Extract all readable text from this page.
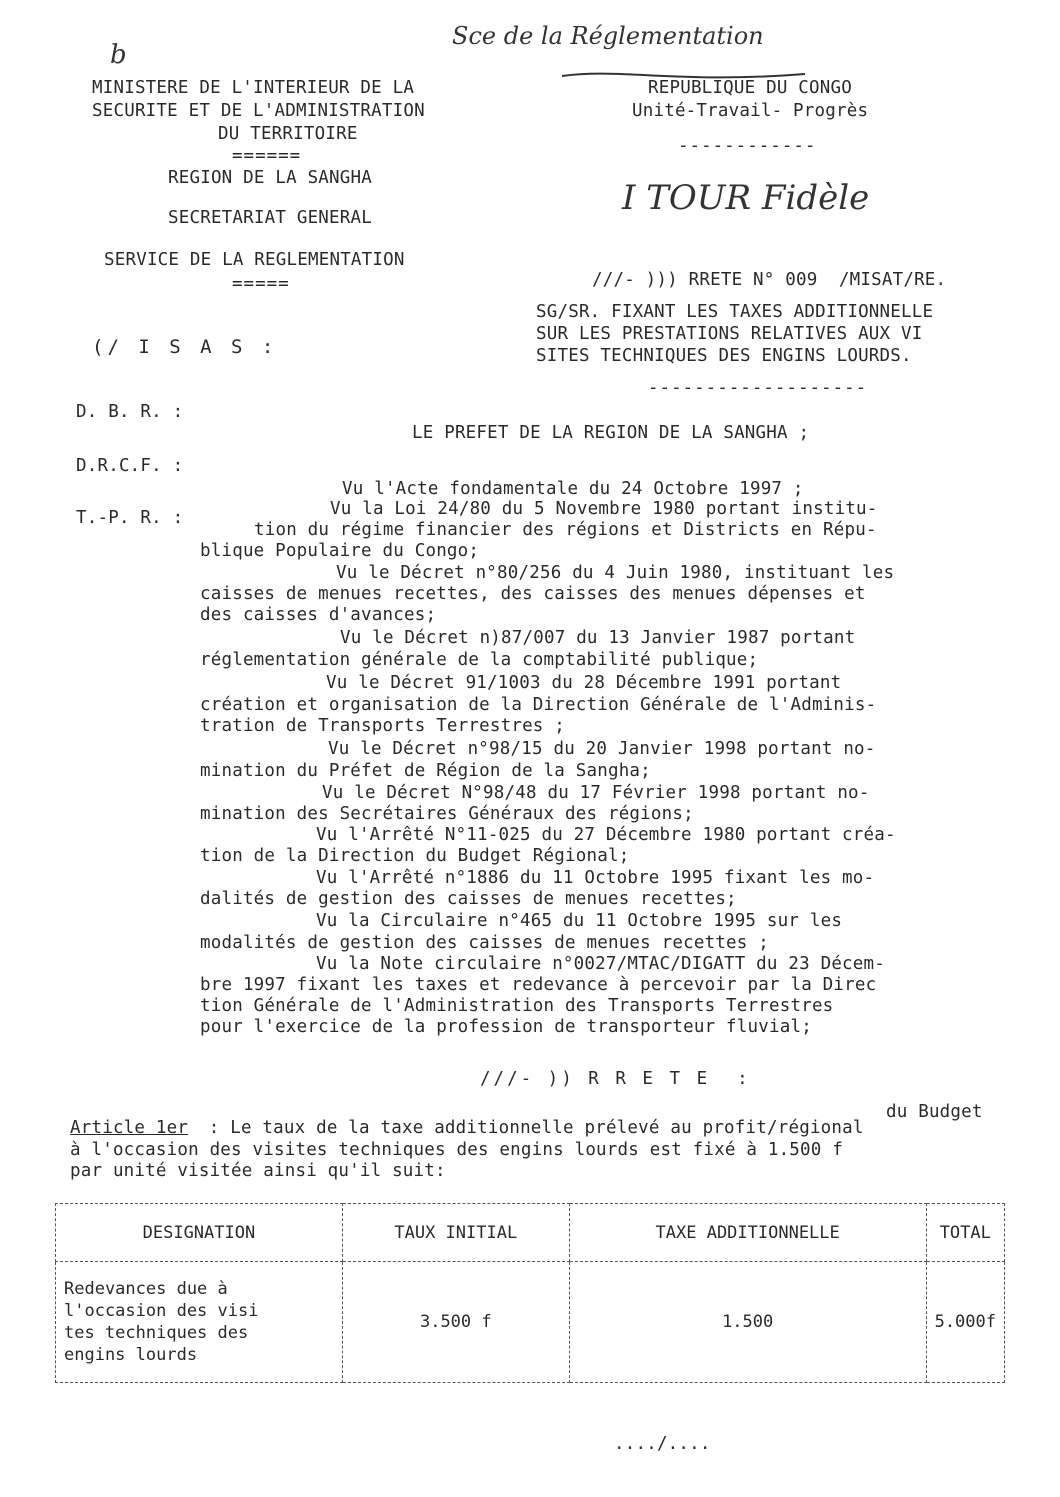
Sce de la Réglementation
b
MINISTERE DE L'INTERIEUR DE LA
SECURITE ET DE L'ADMINISTRATION
DU TERRITOIRE
======
REGION DE LA SANGHA
SECRETARIAT GENERAL
SERVICE DE LA REGLEMENTATION
=====
(/ I S A S :
REPUBLIQUE DU CONGO
Unité-Travail- Progrès
------------
I TOUR Fidèle
///- ))) RRETE N° 009  /MISAT/RE.
SG/SR. FIXANT LES TAXES ADDITIONNELLE
SUR LES PRESTATIONS RELATIVES AUX VI
SITES TECHNIQUES DES ENGINS LOURDS.
-------------------
D. B. R. :
D.R.C.F. :
T.-P. R. :
LE PREFET DE LA REGION DE LA SANGHA ;
Vu l'Acte fondamentale du 24 Octobre 1997 ;
Vu la Loi 24/80 du 5 Novembre 1980 portant institu-
tion du régime financier des régions et Districts en Répu-
blique Populaire du Congo;
Vu le Décret n°80/256 du 4 Juin 1980, instituant les
caisses de menues recettes, des caisses des menues dépenses et
des caisses d'avances;
Vu le Décret n)87/007 du 13 Janvier 1987 portant
réglementation générale de la comptabilité publique;
Vu le Décret 91/1003 du 28 Décembre 1991 portant
création et organisation de la Direction Générale de l'Adminis-
tration de Transports Terrestres ;
Vu le Décret n°98/15 du 20 Janvier 1998 portant no-
mination du Préfet de Région de la Sangha;
Vu le Décret N°98/48 du 17 Février 1998 portant no-
mination des Secrétaires Généraux des régions;
Vu l'Arrêté N°11-025 du 27 Décembre 1980 portant créa-
tion de la Direction du Budget Régional;
Vu l'Arrêté n°1886 du 11 Octobre 1995 fixant les mo-
dalités de gestion des caisses de menues recettes;
Vu la Circulaire n°465 du 11 Octobre 1995 sur les
modalités de gestion des caisses de menues recettes ;
Vu la Note circulaire n°0027/MTAC/DIGATT du 23 Décem-
bre 1997 fixant les taxes et redevance à percevoir par la Direc
tion Générale de l'Administration des Transports Terrestres
pour l'exercice de la profession de transporteur fluvial;
///- )) R R E T E  :
du Budget
Article 1er : Le taux de la taxe additionnelle prélevé au profit/régional
à l'occasion des visites techniques des engins lourds est fixé à 1.500 f
par unité visitée ainsi qu'il suit:
DESIGNATION	TAUX INITIAL	TAXE ADDITIONNELLE	TOTAL

Redevances due à
l'occasion des visi
tes techniques des
engins lourds	3.500 f	1.500	5.000f
..../....
